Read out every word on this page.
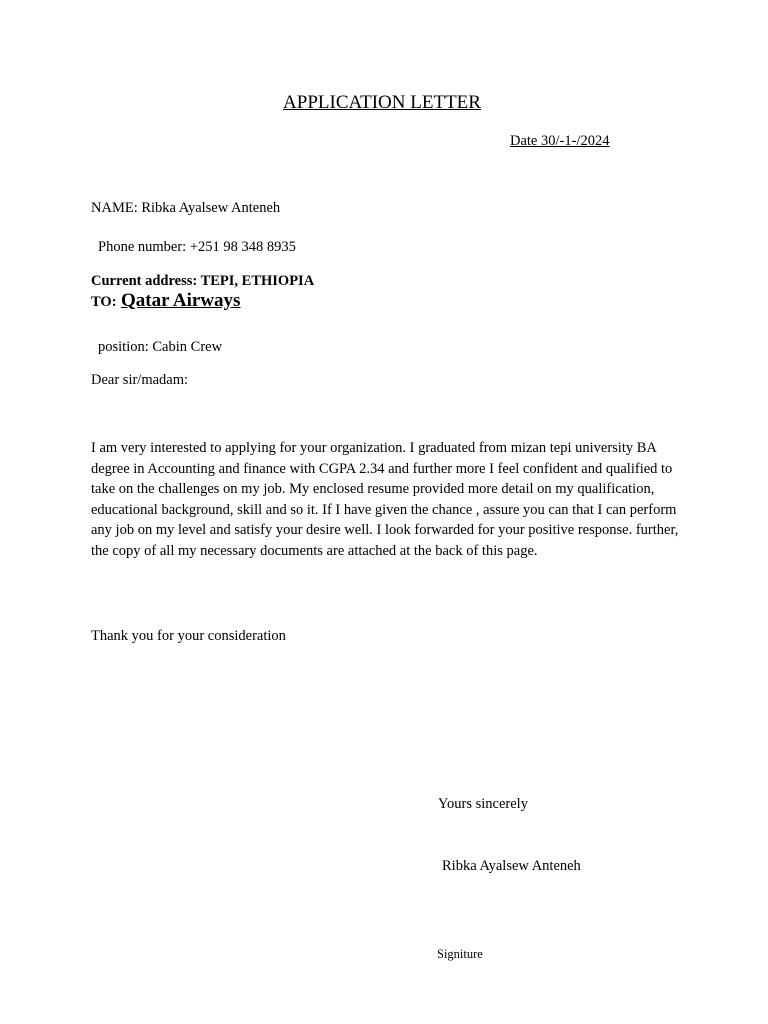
APPLICATION LETTER
Date 30/-1-/2024
NAME: Ribka Ayalsew Anteneh
Phone number: +251 98 348 8935
Current address: TEPI, ETHIOPIA
TO: Qatar Airways
position: Cabin Crew
Dear sir/madam:
I am very interested to applying for your organization. I graduated from mizan tepi university BA degree in Accounting and finance with CGPA 2.34 and further more I feel confident and qualified to take on the challenges on my job. My enclosed resume provided more detail on my qualification, educational background, skill and so it. If I have given the chance , assure you can that I can perform any job on my level and satisfy your desire well. I look forwarded for your positive response. further, the copy of all my necessary documents are attached at the back of this page.
Thank you for your consideration
Yours sincerely
Ribka Ayalsew Anteneh
Signiture
